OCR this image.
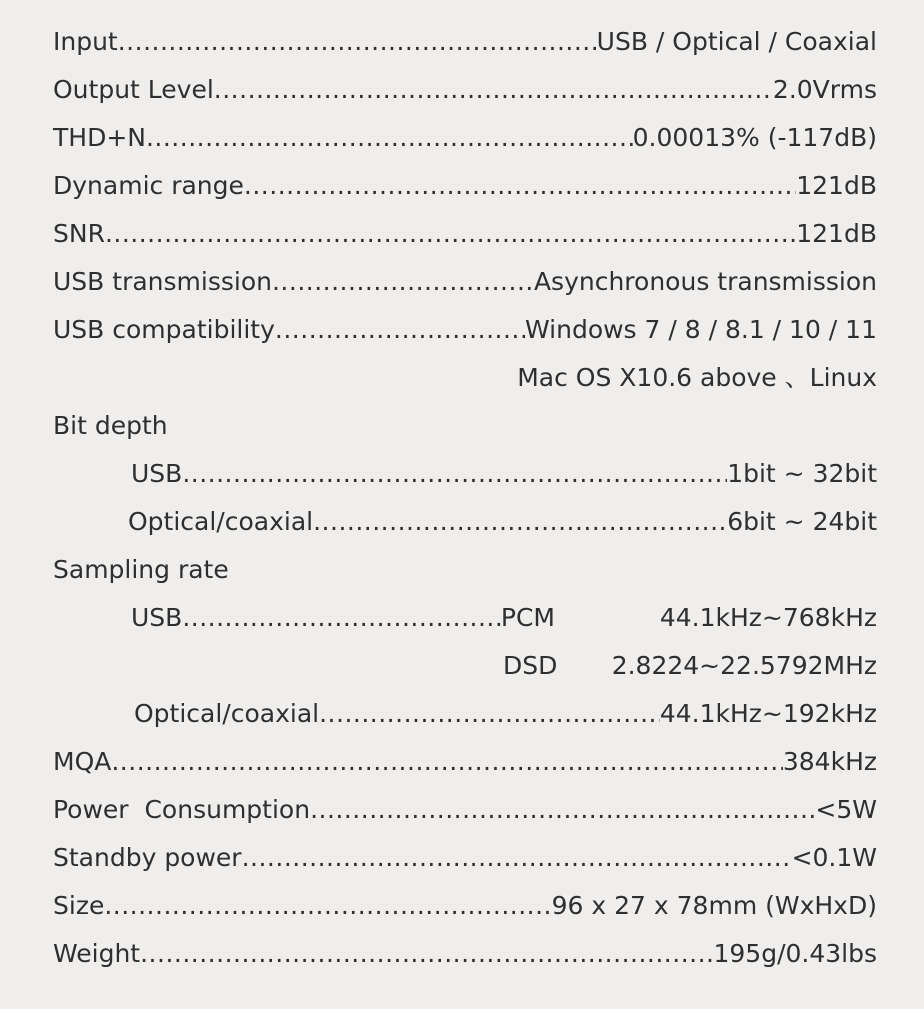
Input .....	USB / Optical / Coaxial
Output Level .....	2.0Vrms
THD+N .....	0.00013% (-117dB)
Dynamic range .....	121dB
SNR .....	121dB
USB transmission .....	Asynchronous transmission
USB compatibility .....	Windows 7 / 8 / 8.1 / 10 / 11
Mac OS X10.6 above 、Linux
Bit depth
USB .....	1bit ~ 32bit
Optical/coaxial .....	6bit ~ 24bit
Sampling rate
USB .....	PCM	44.1kHz~768kHz
DSD 2.8224~22.5792MHz
Optical/coaxial .....	44.1kHz~192kHz
MQA .....	384kHz
Power  Consumption .....	<5W
Standby power .....	<0.1W
Size .....	96 x 27 x 78mm (WxHxD)
Weight .....	195g/0.43lbs
